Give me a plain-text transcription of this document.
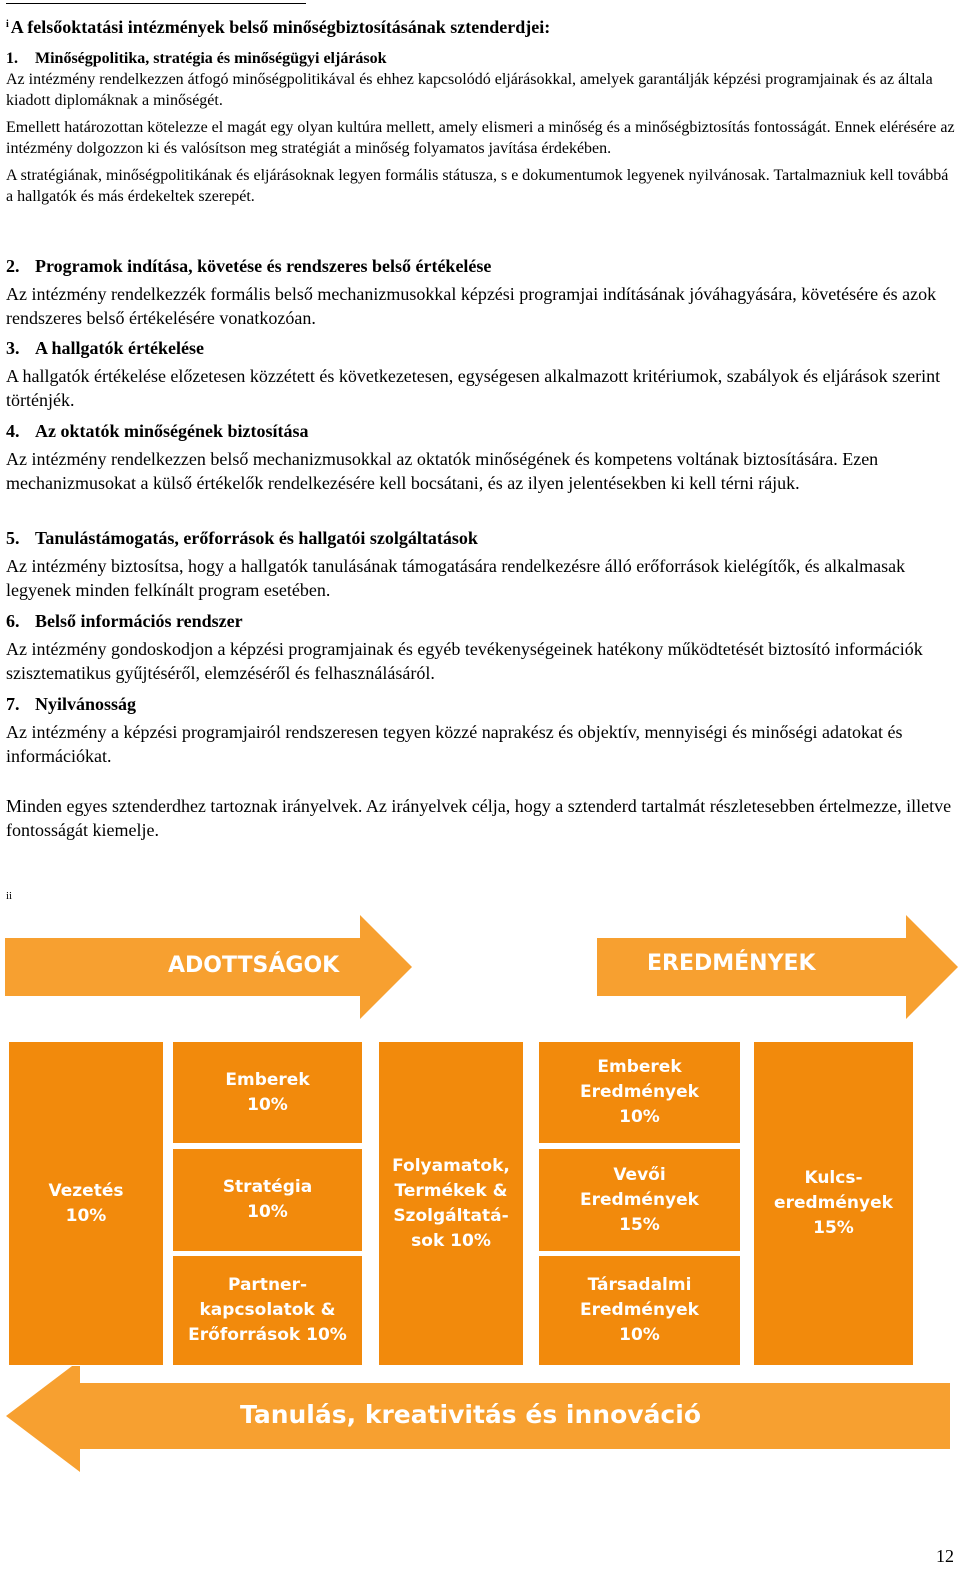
$^i$ A felsőoktatási intézmények belső minőségbiztosításának sztenderdjei:
1. Minőségpolitika, stratégia és minőségügyi eljárások

Az intézmény rendelkezzen átfogó minőségpolitikával és ehhez kapcsolódó eljárásokkal, amelyek garantálják képzési programjainak és az általa kiadott diplomáknak a minőségét.

Emellett határozottan kötelezze el magát egy olyan kultúra mellett, amely elismeri a minőség és a minőségbiztosítás fontosságát. Ennek elérésére az intézmény dolgozzon ki és valósítson meg stratégiát a minőség folyamatos javítása érdekében.

A stratégiának, minőségpolitikának és eljárásoknak legyen formális státusza, s e dokumentumok legyenek nyilvánosak. Tartalmazniuk kell továbbá a hallgatók és más érdekeltek szerepét.

2. Programok indítása, követése és rendszeres belső értékelése

Az intézmény rendelkezzék formális belső mechanizmusokkal képzési programjai indításának jóváhagyására, követésére és azok rendszeres belső értékelésére vonatkozóan.

3. A hallgatók értékelése

A hallgatók értékelése előzetesen közzétett és következetesen, egységesen alkalmazott kritériumok, szabályok és eljárások szerint történjék.

4. Az oktatók minőségének biztosítása

Az intézmény rendelkezzen belső mechanizmusokkal az oktatók minőségének és kompetens voltának biztosítására. Ezen mechanizmusokat a külső értékelők rendelkezésére kell bocsátani, és az ilyen jelentésekben ki kell térni rájuk.

5. Tanulástámogatás, erőforrások és hallgatói szolgáltatások

Az intézmény biztosítsa, hogy a hallgatók tanulásának támogatására rendelkezésre álló erőforrások kielégítők, és alkalmasak legyenek minden felkínált program esetében.

6. Belső információs rendszer

Az intézmény gondoskodjon a képzési programjainak és egyéb tevékenységeinek hatékony működtetését biztosító információk szisztematikus gyűjtéséről, elemzéséről és felhasználásáról.

7. Nyilvánosság

Az intézmény a képzési programjairól rendszeresen tegyen közzé naprakész és objektív, mennyiségi és minőségi adatokat és információkat.

Minden egyes sztenderdhez tartoznak irányelvek. Az irányelvek célja, hogy a sztenderd tartalmát részletesebben értelmezze, illetve fontosságát kiemelje.
ii
ADOTTSÁGOK	EREDMÉNYEK
Tanulás, kreativitás és innováció
Vezetés
10%
Emberek
10%
Stratégia
10%
Partner-
kapcsolatok &
Erőforrások 10%
Folyamatok,
Termékek &
Szolgáltatá-
sok 10%
Emberek
Eredmények
10%
Vevői
Eredmények
15%
Társadalmi
Eredmények
10%
Kulcs-
eredmények
15%
12
